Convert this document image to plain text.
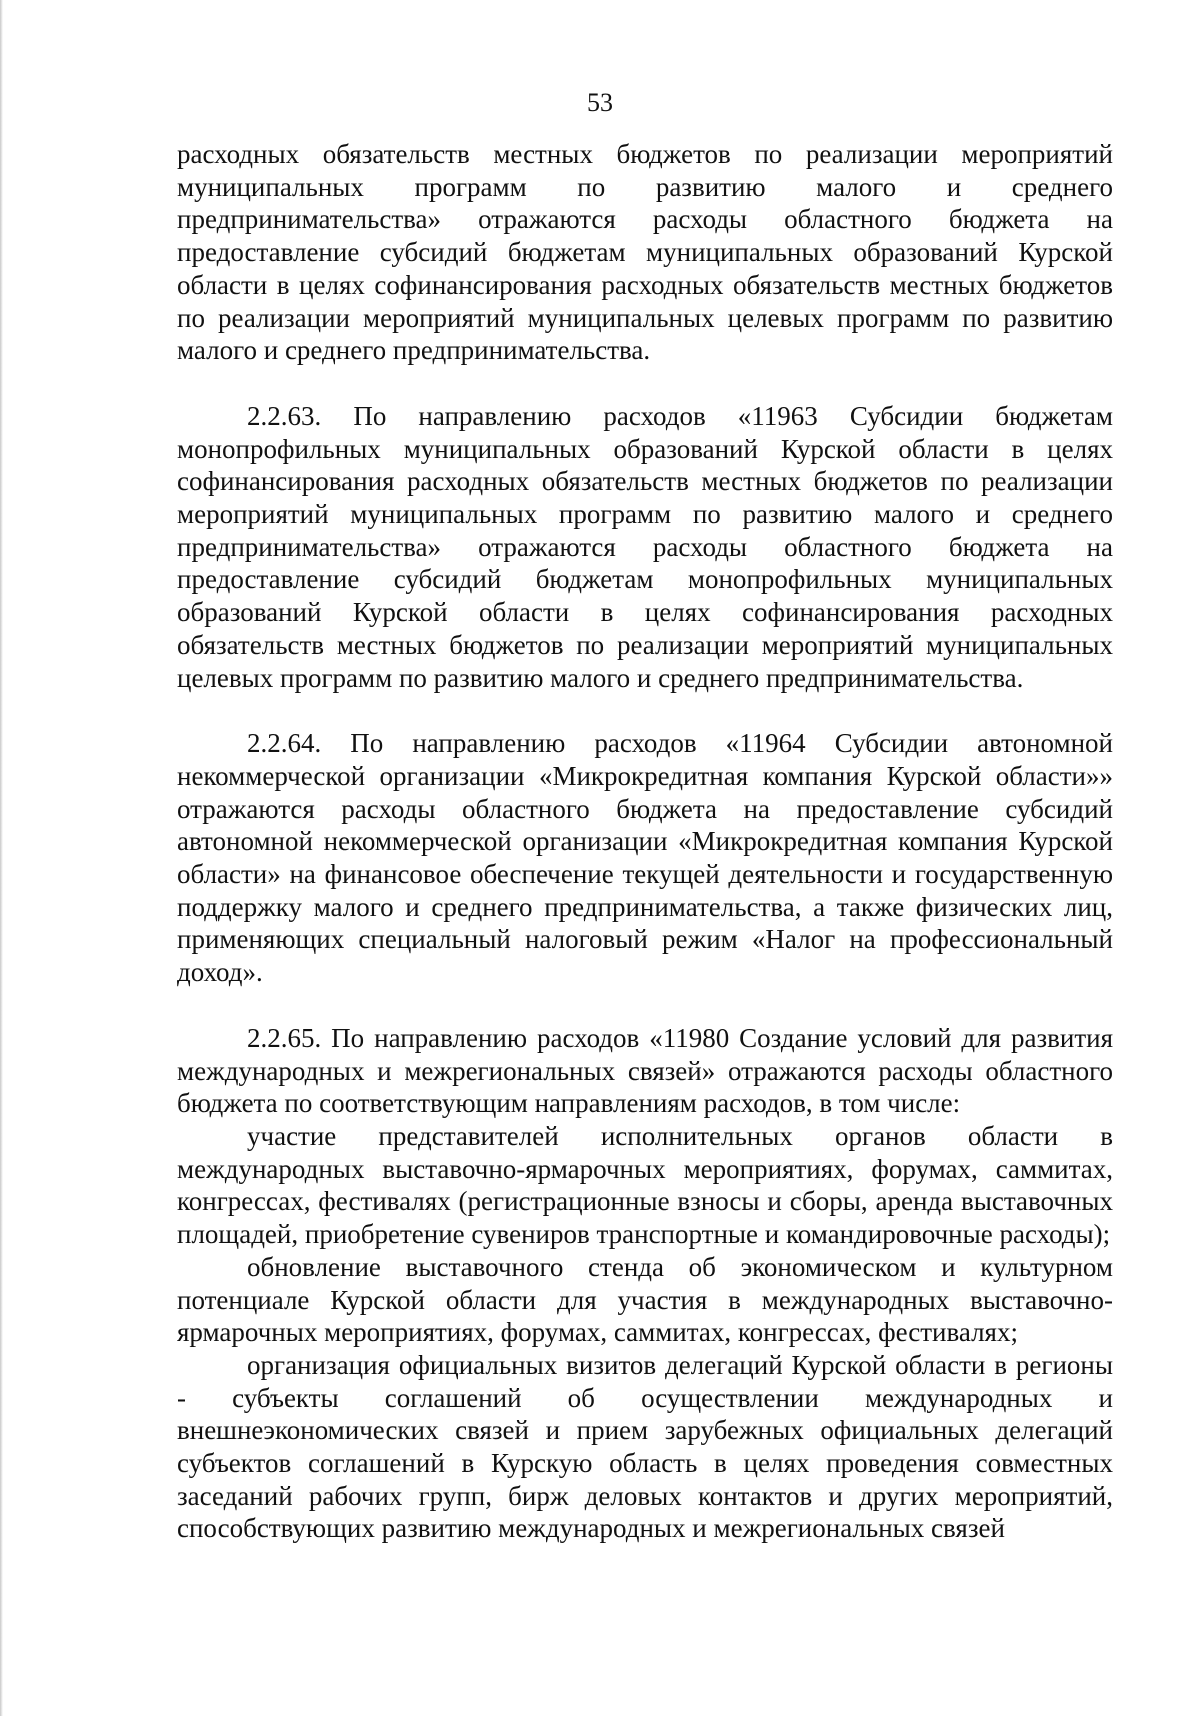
53

расходных обязательств местных бюджетов по реализации мероприятий муниципальных программ по развитию малого и среднего предпринимательства» отражаются расходы областного бюджета на предоставление субсидий бюджетам муниципальных образований Курской области в целях софинансирования расходных обязательств местных бюджетов по реализации мероприятий муниципальных целевых программ по развитию малого и среднего предпринимательства.

2.2.63. По направлению расходов «11963 Субсидии бюджетам монопрофильных муниципальных образований Курской области в целях софинансирования расходных обязательств местных бюджетов по реализации мероприятий муниципальных программ по развитию малого и среднего предпринимательства» отражаются расходы областного бюджета на предоставление субсидий бюджетам монопрофильных муниципальных образований Курской области в целях софинансирования расходных обязательств местных бюджетов по реализации мероприятий муниципальных целевых программ по развитию малого и среднего предпринимательства.

2.2.64. По направлению расходов «11964 Субсидии автономной некоммерческой организации «Микрокредитная компания Курской области»» отражаются расходы областного бюджета на предоставление субсидий автономной некоммерческой организации «Микрокредитная компания Курской области» на финансовое обеспечение текущей деятельности и государственную поддержку малого и среднего предпринимательства, а также физических лиц, применяющих специальный налоговый режим «Налог на профессиональный доход».

2.2.65. По направлению расходов «11980 Создание условий для развития международных и межрегиональных связей» отражаются расходы областного бюджета по соответствующим направлениям расходов, в том числе:

участие представителей исполнительных органов области в международных выставочно-ярмарочных мероприятиях, форумах, саммитах, конгрессах, фестивалях (регистрационные взносы и сборы, аренда выставочных площадей, приобретение сувениров транспортные и командировочные расходы);

обновление выставочного стенда об экономическом и культурном потенциале Курской области для участия в международных выставочно-ярмарочных мероприятиях, форумах, саммитах, конгрессах, фестивалях;

организация официальных визитов делегаций Курской области в регионы - субъекты соглашений об осуществлении международных и внешнеэкономических связей и прием зарубежных официальных делегаций субъектов соглашений в Курскую область в целях проведения совместных заседаний рабочих групп, бирж деловых контактов и других мероприятий, способствующих развитию международных и межрегиональных связей
